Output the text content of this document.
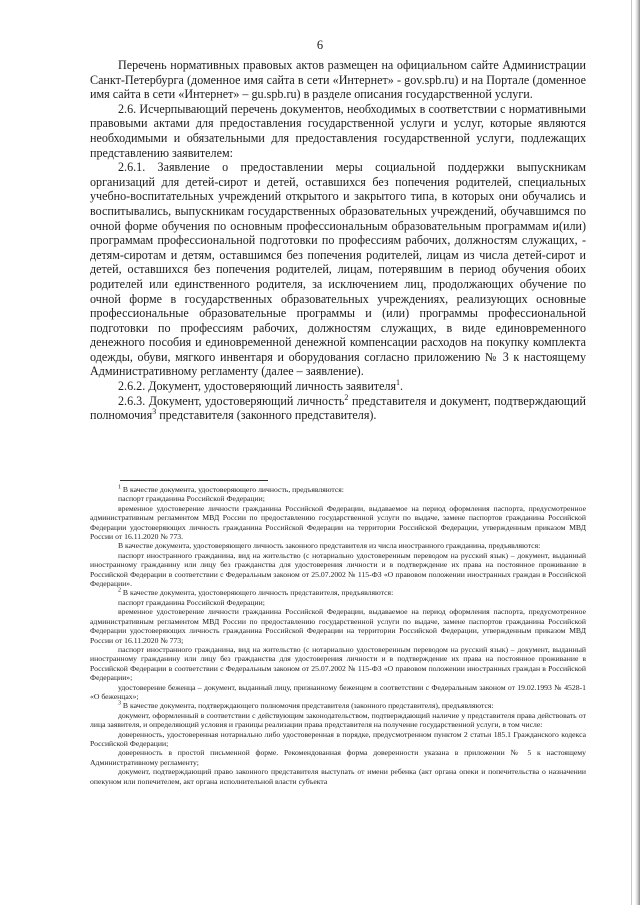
6

Перечень нормативных правовых актов размещен на официальном сайте Администрации Санкт-Петербурга (доменное имя сайта в сети «Интернет» - gov.spb.ru) и на Портале (доменное имя сайта в сети «Интернет» – gu.spb.ru) в разделе описания государственной услуги.

2.6. Исчерпывающий перечень документов, необходимых в соответствии с нормативными правовыми актами для предоставления государственной услуги и услуг, которые являются необходимыми и обязательными для предоставления государственной услуги, подлежащих представлению заявителем:

2.6.1. Заявление о предоставлении меры социальной поддержки выпускникам организаций для детей-сирот и детей, оставшихся без попечения родителей, специальных учебно-воспитательных учреждений открытого и закрытого типа, в которых они обучались и воспитывались, выпускникам государственных образовательных учреждений, обучавшимся по очной форме обучения по основным профессиональным образовательным программам и(или) программам профессиональной подготовки по профессиям рабочих, должностям служащих, - детям-сиротам и детям, оставшимся без попечения родителей, лицам из числа детей-сирот и детей, оставшихся без попечения родителей, лицам, потерявшим в период обучения обоих родителей или единственного родителя, за исключением лиц, продолжающих обучение по очной форме в государственных образовательных учреждениях, реализующих основные профессиональные образовательные программы и (или) программы профессиональной подготовки по профессиям рабочих, должностям служащих, в виде единовременного денежного пособия и единовременной денежной компенсации расходов на покупку комплекта одежды, обуви, мягкого инвентаря и оборудования согласно приложению № 3 к настоящему Административному регламенту (далее – заявление).

2.6.2. Документ, удостоверяющий личность заявителя$^1$.

2.6.3. Документ, удостоверяющий личность$^2$ представителя и документ, подтверждающий полномочия$^3$ представителя (законного представителя).

$^1$ В качестве документа, удостоверяющего личность, предъявляются:

паспорт гражданина Российской Федерации;

временное удостоверение личности гражданина Российской Федерации, выдаваемое на период оформления паспорта, предусмотренное административным регламентом МВД России по предоставлению государственной услуги по выдаче, замене паспортов гражданина Российской Федерации удостоверяющих личность гражданина Российской Федерации на территории Российской Федерации, утвержденным приказом МВД России от 16.11.2020 № 773.

В качестве документа, удостоверяющего личность законного представителя из числа иностранного гражданина, предъявляются:

паспорт иностранного гражданина, вид на жительство (с нотариально удостоверенным переводом на русский язык) – документ, выданный иностранному гражданину или лицу без гражданства для удостоверения личности и в подтверждение их права на постоянное проживание в Российской Федерации в соответствии с Федеральным законом от 25.07.2002 № 115-ФЗ «О правовом положении иностранных граждан в Российской Федерации».

$^2$ В качестве документа, удостоверяющего личность представителя, предъявляются:

паспорт гражданина Российской Федерации;

временное удостоверение личности гражданина Российской Федерации, выдаваемое на период оформления паспорта, предусмотренное административным регламентом МВД России по предоставлению государственной услуги по выдаче, замене паспортов гражданина Российской Федерации удостоверяющих личность гражданина Российской Федерации на территории Российской Федерации, утвержденным приказом МВД России от 16.11.2020 № 773;

паспорт иностранного гражданина, вид на жительство (с нотариально удостоверенным переводом на русский язык) – документ, выданный иностранному гражданину или лицу без гражданства для удостоверения личности и в подтверждение их права на постоянное проживание в Российской Федерации в соответствии с Федеральным законом от 25.07.2002 № 115-ФЗ «О правовом положении иностранных граждан в Российской Федерации»;

удостоверение беженца – документ, выданный лицу, признанному беженцем в соответствии с Федеральным законом от 19.02.1993 № 4528-1 «О беженцах»;

$^3$ В качестве документа, подтверждающего полномочия представителя (законного представителя), предъявляются:

документ, оформленный в соответствии с действующим законодательством, подтверждающий наличие у представителя права действовать от лица заявителя, и определяющий условия и границы реализации права представителя на получение государственной услуги, в том числе:

доверенность, удостоверенная нотариально либо удостоверенная в порядке, предусмотренном пунктом 2 статьи 185.1 Гражданского кодекса Российской Федерации;

доверенность в простой письменной форме. Рекомендованная форма доверенности указана в приложении № 5 к настоящему Административному регламенту;

документ, подтверждающий право законного представителя выступать от имени ребенка (акт органа опеки и попечительства о назначении опекуном или попечителем, акт органа исполнительной власти субъекта
